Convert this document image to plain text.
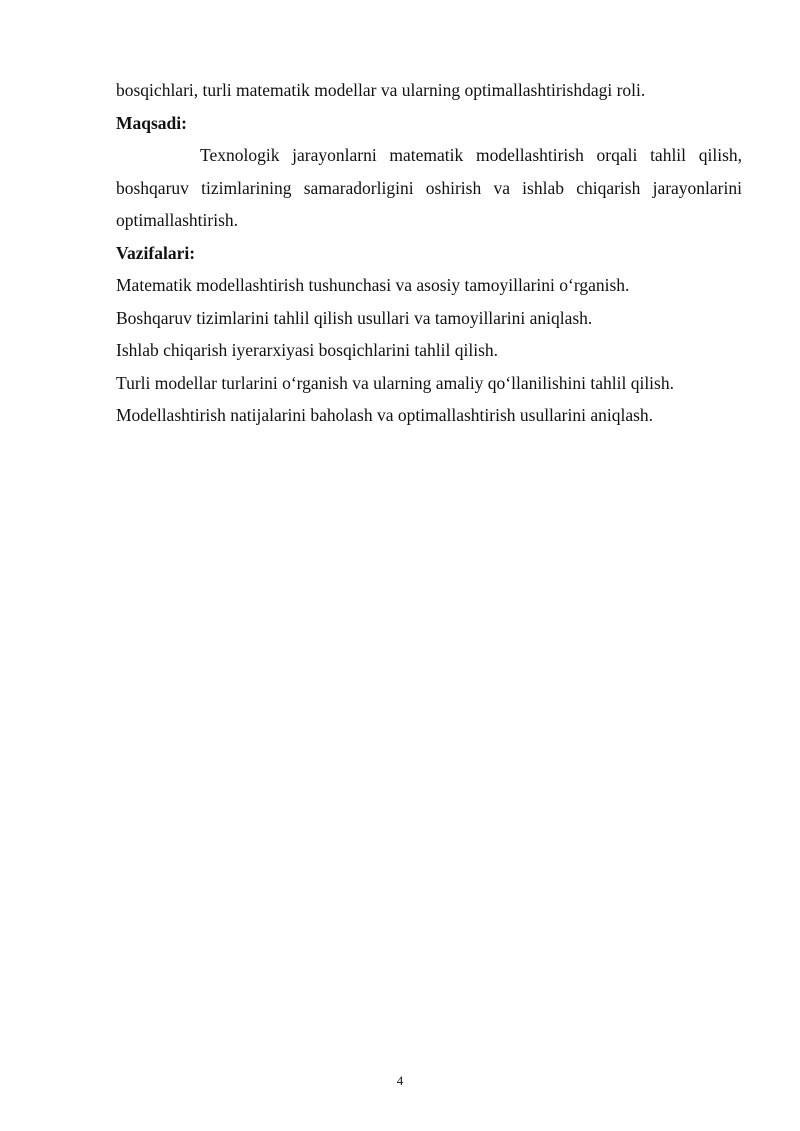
bosqichlari, turli matematik modellar va ularning optimallashtirishdagi roli.

Maqsadi:

Texnologik jarayonlarni matematik modellashtirish orqali tahlil qilish, boshqaruv tizimlarining samaradorligini oshirish va ishlab chiqarish jarayonlarini optimallashtirish.

Vazifalari:

Matematik modellashtirish tushunchasi va asosiy tamoyillarini oʻrganish.

Boshqaruv tizimlarini tahlil qilish usullari va tamoyillarini aniqlash.

Ishlab chiqarish iyerarxiyasi bosqichlarini tahlil qilish.

Turli modellar turlarini oʻrganish va ularning amaliy qoʻllanilishini tahlil qilish.

Modellashtirish natijalarini baholash va optimallashtirish usullarini aniqlash.

4
